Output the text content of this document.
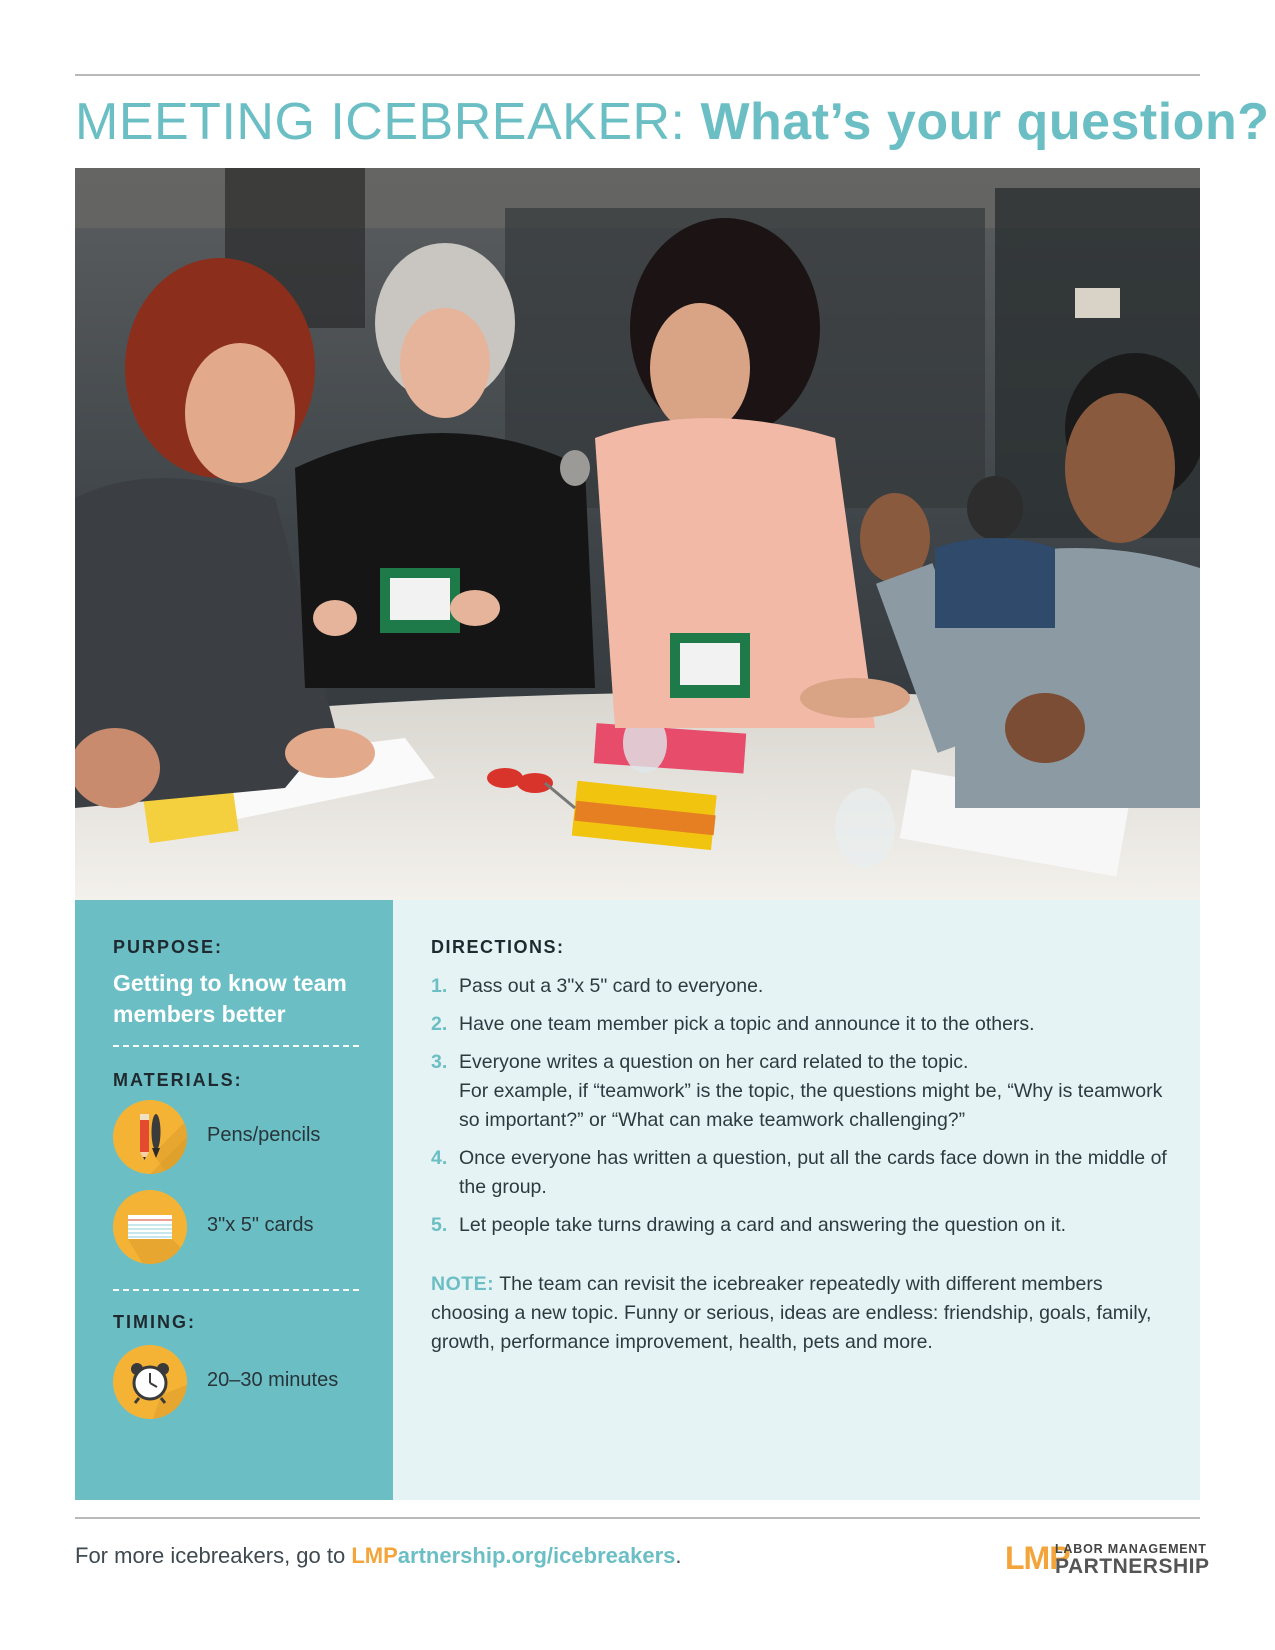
MEETING ICEBREAKER: What’s your question?
PURPOSE:
Getting to know team members better
MATERIALS:
Pens/pencils
3"x 5" cards
TIMING:
20–30 minutes
DIRECTIONS:
1. Pass out a 3"x 5" card to everyone.
2. Have one team member pick a topic and announce it to the others.
3. Everyone writes a question on her card related to the topic.
For example, if “teamwork” is the topic, the questions might be, “Why is teamwork so important?” or “What can make teamwork challenging?”
4. Once everyone has written a question, put all the cards face down in the middle of the group.
5. Let people take turns drawing a card and answering the question on it.

NOTE: The team can revisit the icebreaker repeatedly with different members choosing a new topic. Funny or serious, ideas are endless: friendship, goals, family, growth, performance improvement, health, pets and more.

For more icebreakers, go to LMPartnership.org/icebreakers.	LMP
LABOR MANAGEMENT
PARTNERSHIP
